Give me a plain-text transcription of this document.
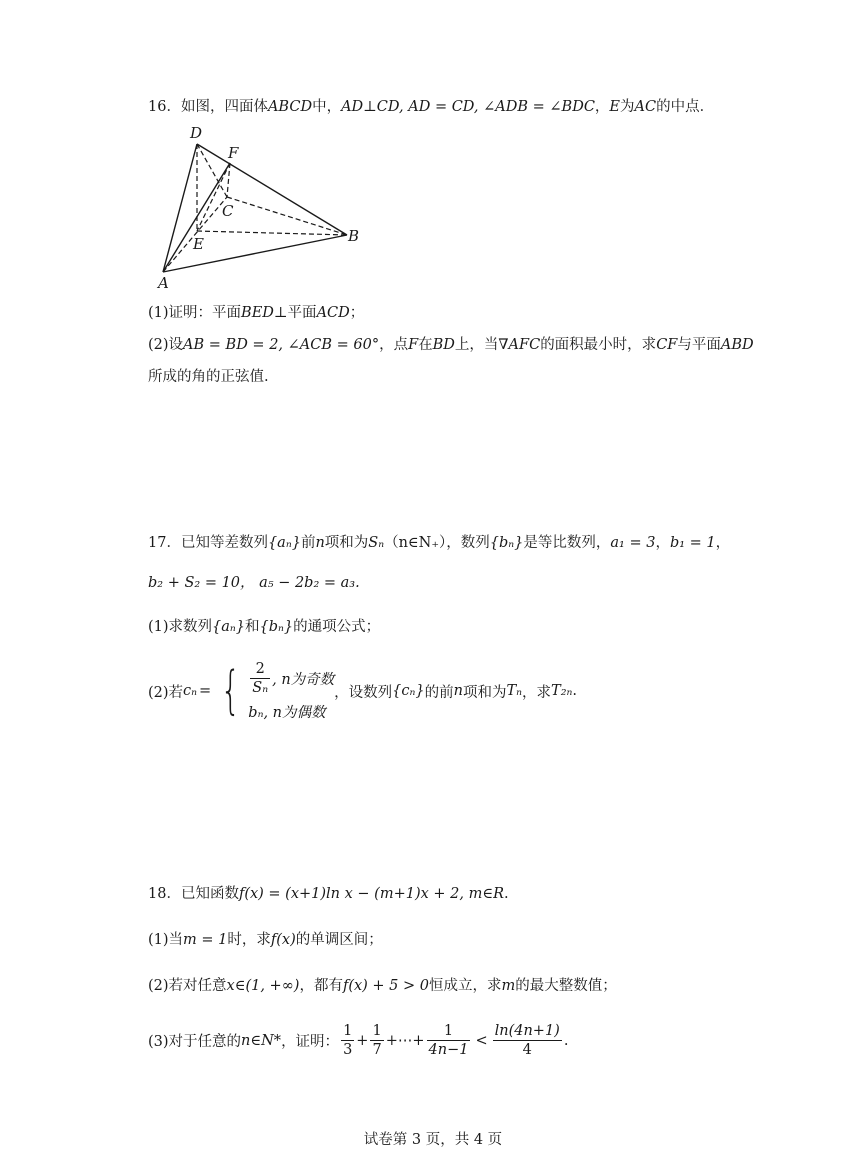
16．如图，四面体ABCD中，AD⊥CD, AD = CD, ∠ADB = ∠BDC，E为AC的中点．
D
F
C
E	B
A
(1)证明：平面BED⊥平面ACD；
(2)设AB = BD = 2, ∠ACB = 60°，点F在BD上，当∇AFC的面积最小时，求CF与平面ABD
所成的角的正弦值.
17．已知等差数列{aₙ}前n项和为Sₙ（n∈N₊），数列{bₙ}是等比数列，a₁ = 3，b₁ = 1，
b₂ + S₂ = 10， a₅ − 2b₂ = a₃.
(1)求数列{aₙ}和{bₙ}的通项公式；
(2)若 cₙ = { $\frac{2}{\text{Sₙ}}$ , n为奇数
bₙ, n为偶数
，设数列 {cₙ} 的前 n 项和为 Tₙ ，求 T₂ₙ .
18．已知函数f(x) = (x+1)ln x − (m+1)x + 2, m∈R.
(1)当m = 1时，求f(x)的单调区间；
(2)若对任意x∈(1, +∞)，都有f(x) + 5 > 0恒成立，求m的最大整数值；
(3)对于任意的 n∈N* ，证明： $\frac{1}{3} + \frac{1}{7}$ +⋯+ $\frac{1}{4n-1} < \frac{\ln(4n+1)}{4}$ .
试卷第 3 页，共 4 页
